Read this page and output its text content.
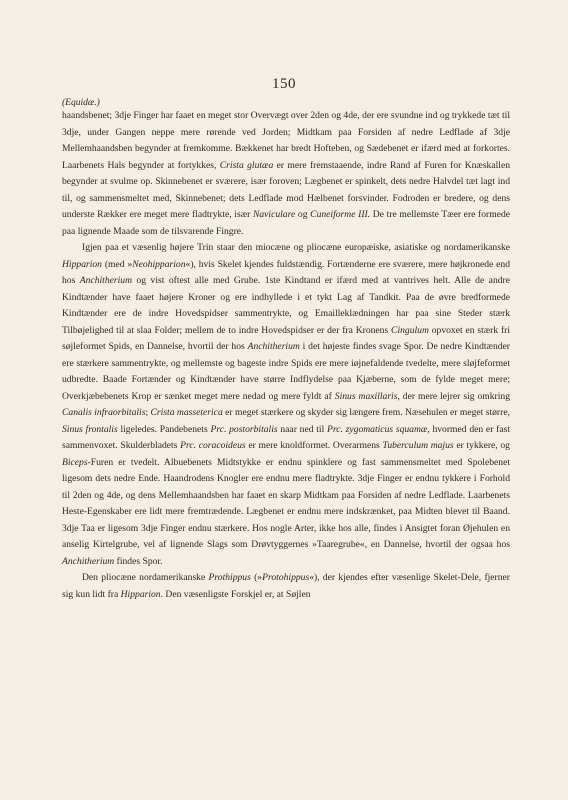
150
(Equidæ.)

haandsbenet; 3dje Finger har faaet en meget stor Overvægt over 2den og 4de, der ere svundne ind og trykkede tæt til 3dje, under Gangen neppe mere rørende ved Jorden; Midtkam paa Forsiden af nedre Ledflade af 3dje Mellemhaandsben begynder at fremkomme. Bækkenet har bredt Hofteben, og Sædebenet er ifærd med at forkortes. Laarbenets Hals begynder at fortykkes, Crista glutæa er mere fremstaaende, indre Rand af Furen for Knæskallen begynder at svulme op. Skinnebenet er sværere, især foroven; Lægbenet er spinkelt, dets nedre Halvdel tæt lagt ind til, og sammensmeltet med, Skinnebenet; dets Ledflade mod Hælbenet forsvinder. Fodroden er bredere, og dens underste Rækker ere meget mere fladtrykte, især Naviculare og Cuneiforme III. De tre mellemste Tæer ere formede paa lignende Maade som de tilsvarende Fingre.

Igjen paa et væsenlig højere Trin staar den miocæne og pliocæne europæiske, asiatiske og nordamerikanske Hipparion (med »Neohipparion«), hvis Skelet kjendes fuldstændig. Fortænderne ere sværere, mere højkronede end hos Anchitherium og vist oftest alle med Grube. 1ste Kindtand er ifærd med at vantrives helt. Alle de andre Kindtænder have faaet højere Kroner og ere indhyllede i et tykt Lag af Tandkit. Paa de øvre bredformede Kindtænder ere de indre Hovedspidser sammentrykte, og Emailleklædningen har paa sine Steder stærk Tilbøjelighed til at slaa Folder; mellem de to indre Hovedspidser er der fra Kronens Cingulum opvoxet en stærk fri søjleformet Spids, en Dannelse, hvortil der hos Anchitherium i det højeste findes svage Spor. De nedre Kindtænder ere stærkere sammentrykte, og mellemste og bageste indre Spids ere mere iøjnefaldende tvedelte, mere sløjfeformet udbredte. Baade Fortænder og Kindtænder have større Indflydelse paa Kjæberne, som de fylde meget mere; Overkjæbebenets Krop er sænket meget mere nedad og mere fyldt af Sinus maxillaris, der mere lejrer sig omkring Canalis infraorbitalis; Crista masseterica er meget stærkere og skyder sig længere frem. Næsehulen er meget større, Sinus frontalis ligeledes. Pandebenets Prc. postorbitalis naar ned til Prc. zygomaticus squamæ, hvormed den er fast sammenvoxet. Skulderbladets Prc. coracoideus er mere knoldformet. Overarmens Tuberculum majus er tykkere, og Biceps-Furen er tvedelt. Albuebenets Midtstykke er endnu spinklere og fast sammensmeltet med Spolebenet ligesom dets nedre Ende. Haandrodens Knogler ere endnu mere fladtrykte. 3dje Finger er endnu tykkere i Forhold til 2den og 4de, og dens Mellemhaandsben har faaet en skarp Midtkam paa Forsiden af nedre Ledflade. Laarbenets Heste-Egenskaber ere lidt mere fremtrædende. Lægbenet er endnu mere indskrænket, paa Midten blevet til Baand. 3dje Taa er ligesom 3dje Finger endnu stærkere. Hos nogle Arter, ikke hos alle, findes i Ansigtet foran Øjehulen en anselig Kirtelgrube, vel af lignende Slags som Drøvtyggernes »Taaregrube«, en Dannelse, hvortil der ogsaa hos Anchitherium findes Spor.

Den pliocæne nordamerikanske Prothippus (»Protohippus«), der kjendes efter væsenlige Skelet-Dele, fjerner sig kun lidt fra Hipparion. Den væsenligste Forskjel er, at Søjlen
